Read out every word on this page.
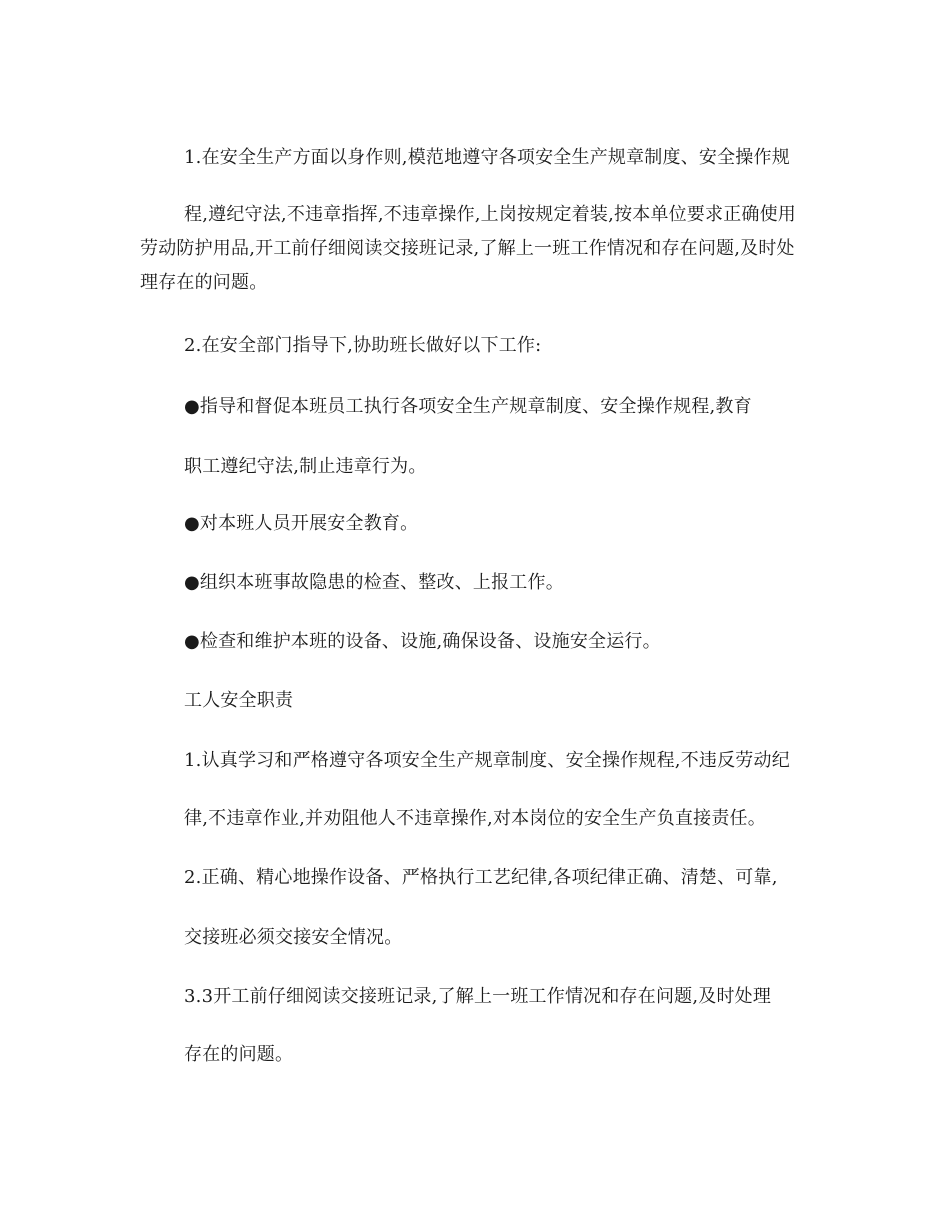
1.在安全生产方面以身作则,模范地遵守各项安全生产规章制度、安全操作规

程,遵纪守法,不违章指挥,不违章操作,上岗按规定着装,按本单位要求正确使用劳动防护用品,开工前仔细阅读交接班记录,了解上一班工作情况和存在问题,及时处理存在的问题。

2.在安全部门指导下,协助班长做好以下工作:
●指导和督促本班员工执行各项安全生产规章制度、安全操作规程,教育
职工遵纪守法,制止违章行为。
●对本班人员开展安全教育。
●组织本班事故隐患的检查、整改、上报工作。
●检查和维护本班的设备、设施,确保设备、设施安全运行。
工人安全职责
1.认真学习和严格遵守各项安全生产规章制度、安全操作规程,不违反劳动纪
律,不违章作业,并劝阻他人不违章操作,对本岗位的安全生产负直接责任。
2.正确、精心地操作设备、严格执行工艺纪律,各项纪律正确、清楚、可靠,
交接班必须交接安全情况。
3.3开工前仔细阅读交接班记录,了解上一班工作情况和存在问题,及时处理
存在的问题。
